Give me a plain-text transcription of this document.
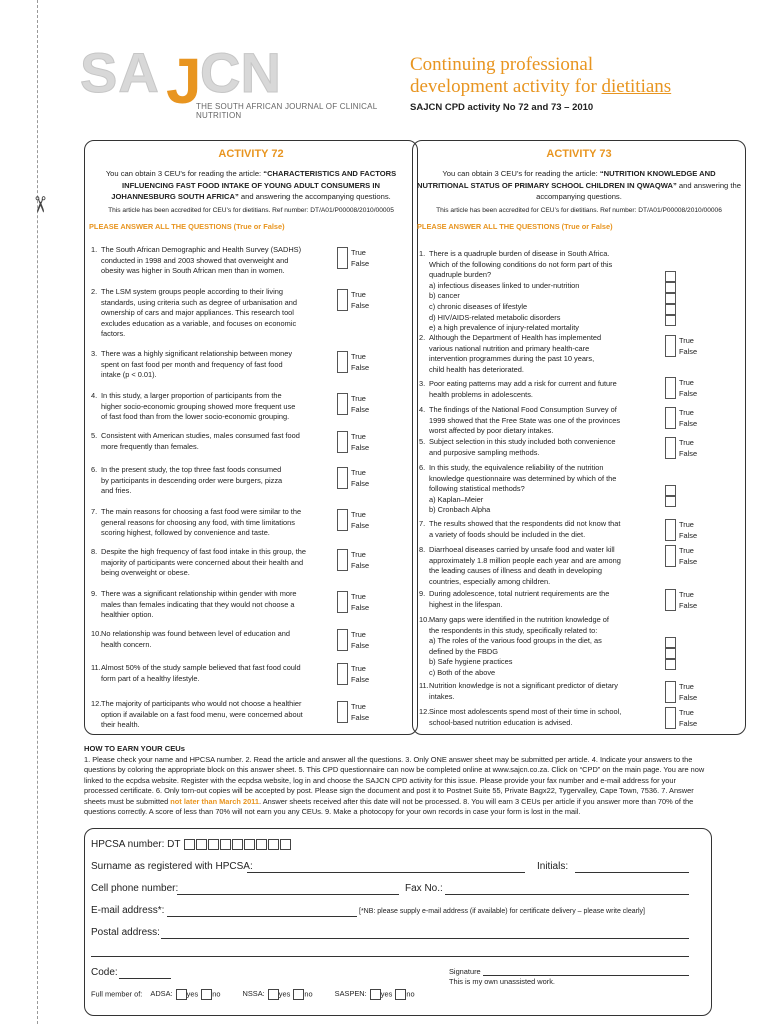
✂
SA J
CN
THE SOUTH AFRICAN JOURNAL OF CLINICAL NUTRITION
Continuing professional
development activity for dietitians
SAJCN CPD activity No 72 and 73 – 2010
ACTIVITY 72
You can obtain 3 CEU’s for reading the article: “CHARACTERISTICS AND FACTORS INFLUENCING FAST FOOD INTAKE OF YOUNG ADULT CONSUMERS IN JOHANNESBURG SOUTH AFRICA” and answering the accompanying questions.
This article has been accredited for CEU’s for dietitians. Ref number: DT/A01/P00008/2010/00005
PLEASE ANSWER ALL THE QUESTIONS (True or False)
1. The South African Demographic and Health Survey (SADHS)
conducted in 1998 and 2003 showed that overweight and
obesity was higher in South African men than in women.
True
False
2. The LSM system groups people according to their living
standards, using criteria such as degree of urbanisation and
ownership of cars and major appliances. This research tool
excludes education as a variable, and focuses on economic
factors.
True
False
3. There was a highly significant relationship between money
spent on fast food per month and frequency of fast food
intake (p < 0.01).
True
False
4. In this study, a larger proportion of participants from the
higher socio-economic grouping showed more frequent use
of fast food than from the lower socio-economic grouping.
True
False
5. Consistent with American studies, males consumed fast food
more frequently than females.
True
False
6. In the present study, the top three fast foods consumed
by participants in descending order were burgers, pizza
and fries.
True
False
7. The main reasons for choosing a fast food were similar to the
general reasons for choosing any food, with time limitations
scoring highest, followed by convenience and taste.
True
False
8. Despite the high frequency of fast food intake in this group, the
majority of participants were concerned about their health and
being overweight or obese.
True
False
9. There was a significant relationship within gender with more
males than females indicating that they would not choose a
healthier option.
True
False
10. No relationship was found between level of education and
health concern.
True
False
11. Almost 50% of the study sample believed that fast food could
form part of a healthy lifestyle.
True
False
12. The majority of participants who would not choose a healthier
option if available on a fast food menu, were concerned about
their health.
True
False
ACTIVITY 73
You can obtain 3 CEU’s for reading the article: “NUTRITION KNOWLEDGE AND NUTRITIONAL STATUS OF PRIMARY SCHOOL CHILDREN IN QWAQWA” and answering the accompanying questions.
This article has been accredited for CEU’s for dietitians. Ref number: DT/A01/P00008/2010/00006
PLEASE ANSWER ALL THE QUESTIONS (True or False)
1. There is a quadruple burden of disease in South Africa.
Which of the following conditions do not form part of this
quadruple burden?
a) infectious diseases linked to under-nutrition
b) cancer
c) chronic diseases of lifestyle
d) HIV/AIDS-related metabolic disorders
e) a high prevalence of injury-related mortality
2. Although the Department of Health has implemented
various national nutrition and primary health-care
intervention programmes during the past 10 years,
child health has deteriorated.
True
False
3. Poor eating patterns may add a risk for current and future
health problems in adolescents.
True
False
4. The findings of the National Food Consumption Survey of
1999 showed that the Free State was one of the provinces
worst affected by poor dietary intakes.
True
False
5. Subject selection in this study included both convenience
and purposive sampling methods.
True
False
6. In this study, the equivalence reliability of the nutrition
knowledge questionnaire was determined by which of the
following statistical methods?
a) Kaplan–Meier
b) Cronbach Alpha
7. The results showed that the respondents did not know that
a variety of foods should be included in the diet.
True
False
8. Diarrhoeal diseases carried by unsafe food and water kill
approximately 1.8 million people each year and are among
the leading causes of illness and death in developing
countries, especially among children.
True
False
9. During adolescence, total nutrient requirements are the
highest in the lifespan.
True
False
10. Many gaps were identified in the nutrition knowledge of
the respondents in this study, specifically related to:
a) The roles of the various food groups in the diet, as
defined by the FBDG
b) Safe hygiene practices
c) Both of the above
11. Nutrition knowledge is not a significant predictor of dietary
intakes.
True
False
12. Since most adolescents spend most of their time in school,
school-based nutrition education is advised.
True
False
HOW TO EARN YOUR CEUs
1. Please check your name and HPCSA number. 2. Read the article and answer all the questions. 3. Only ONE answer sheet may be submitted per article. 4. Indicate your answers to the questions by coloring the appropriate block on this answer sheet. 5. This CPD questionnaire can now be completed online at www.sajcn.co.za. Click on “CPD” on the main page. You are now linked to the ecpdsa website. Register with the ecpdsa website, log in and choose the SAJCN CPD activity for this issue. Please provide your fax number and e-mail address for your processed certificate. 6. Only torn-out copies will be accepted by post. Please sign the document and post it to Postnet Suite 55, Private Bagx22, Tygervalley, Cape Town, 7536. 7. Answer sheets must be submitted not later than March 2011. Answer sheets received after this date will not be processed. 8. You will earn 3 CEUs per article if you answer more than 70% of the questions correctly. A score of less than 70% will not earn you any CEUs. 9. Make a photocopy for your own records in case your form is lost in the mail.
HPCSA number: DT
Surname as registered with HPCSA:	Initials:
Cell phone number:	Fax No.:
E-mail address*:	[*NB: please supply e-mail address (if available) for certificate delivery – please write clearly]
Postal address:
Code:
Full member of: ADSA: yes no	NSSA: yes no	SASPEN: yes no
Signature
This is my own unassisted work.
